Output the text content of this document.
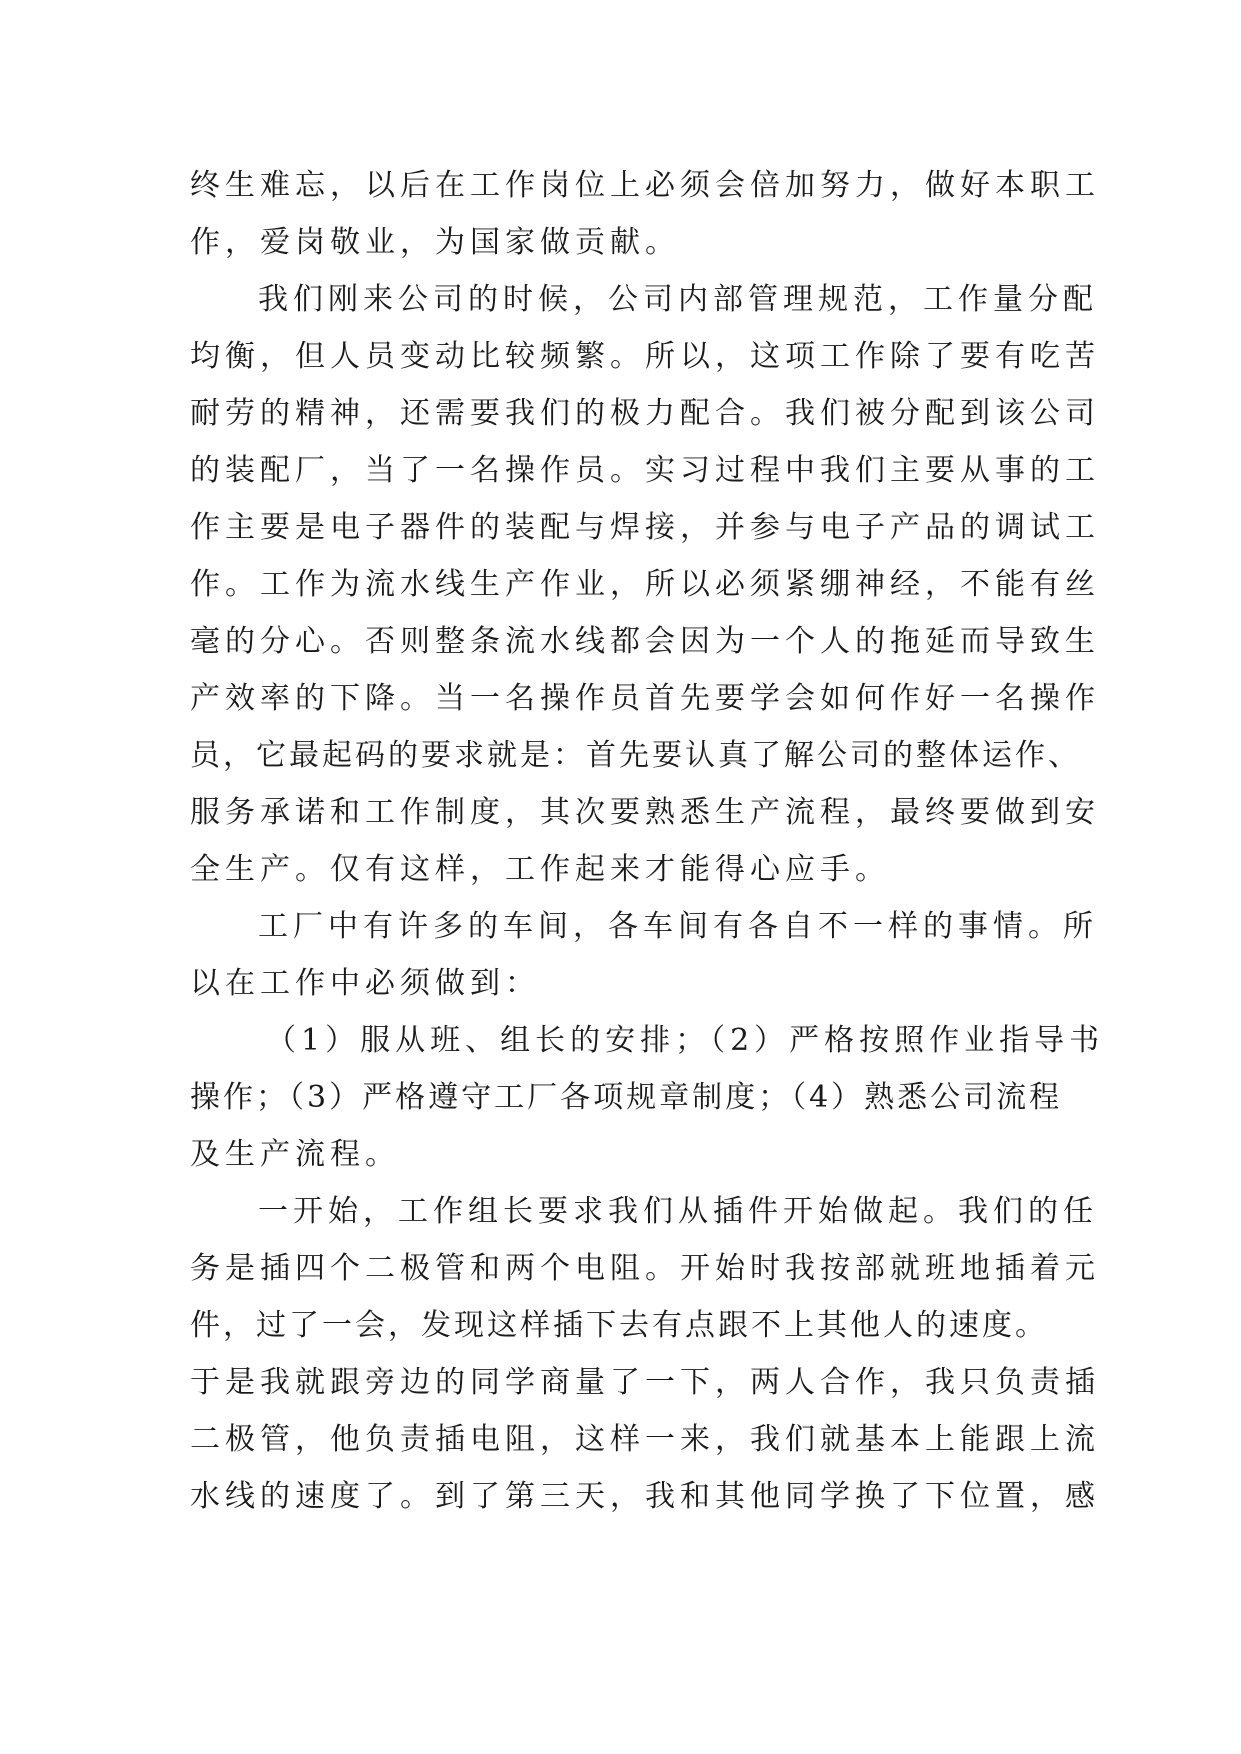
终生难忘，以后在工作岗位上必须会倍加努力，做好本职工
作，爱岗敬业，为国家做贡献。
我们刚来公司的时候，公司内部管理规范，工作量分配
均衡，但人员变动比较频繁。所以，这项工作除了要有吃苦
耐劳的精神，还需要我们的极力配合。我们被分配到该公司
的装配厂，当了一名操作员。实习过程中我们主要从事的工
作主要是电子器件的装配与焊接，并参与电子产品的调试工
作。工作为流水线生产作业，所以必须紧绷神经，不能有丝
毫的分心。否则整条流水线都会因为一个人的拖延而导致生
产效率的下降。当一名操作员首先要学会如何作好一名操作
员，它最起码的要求就是：首先要认真了解公司的整体运作、
服务承诺和工作制度，其次要熟悉生产流程，最终要做到安
全生产。仅有这样，工作起来才能得心应手。
工厂中有许多的车间，各车间有各自不一样的事情。所
以在工作中必须做到：
（1）服从班、组长的安排；（2）严格按照作业指导书
操作；（3）严格遵守工厂各项规章制度；（4）熟悉公司流程
及生产流程。
一开始，工作组长要求我们从插件开始做起。我们的任
务是插四个二极管和两个电阻。开始时我按部就班地插着元
件，过了一会，发现这样插下去有点跟不上其他人的速度。
于是我就跟旁边的同学商量了一下，两人合作，我只负责插
二极管，他负责插电阻，这样一来，我们就基本上能跟上流
水线的速度了。到了第三天，我和其他同学换了下位置，感
